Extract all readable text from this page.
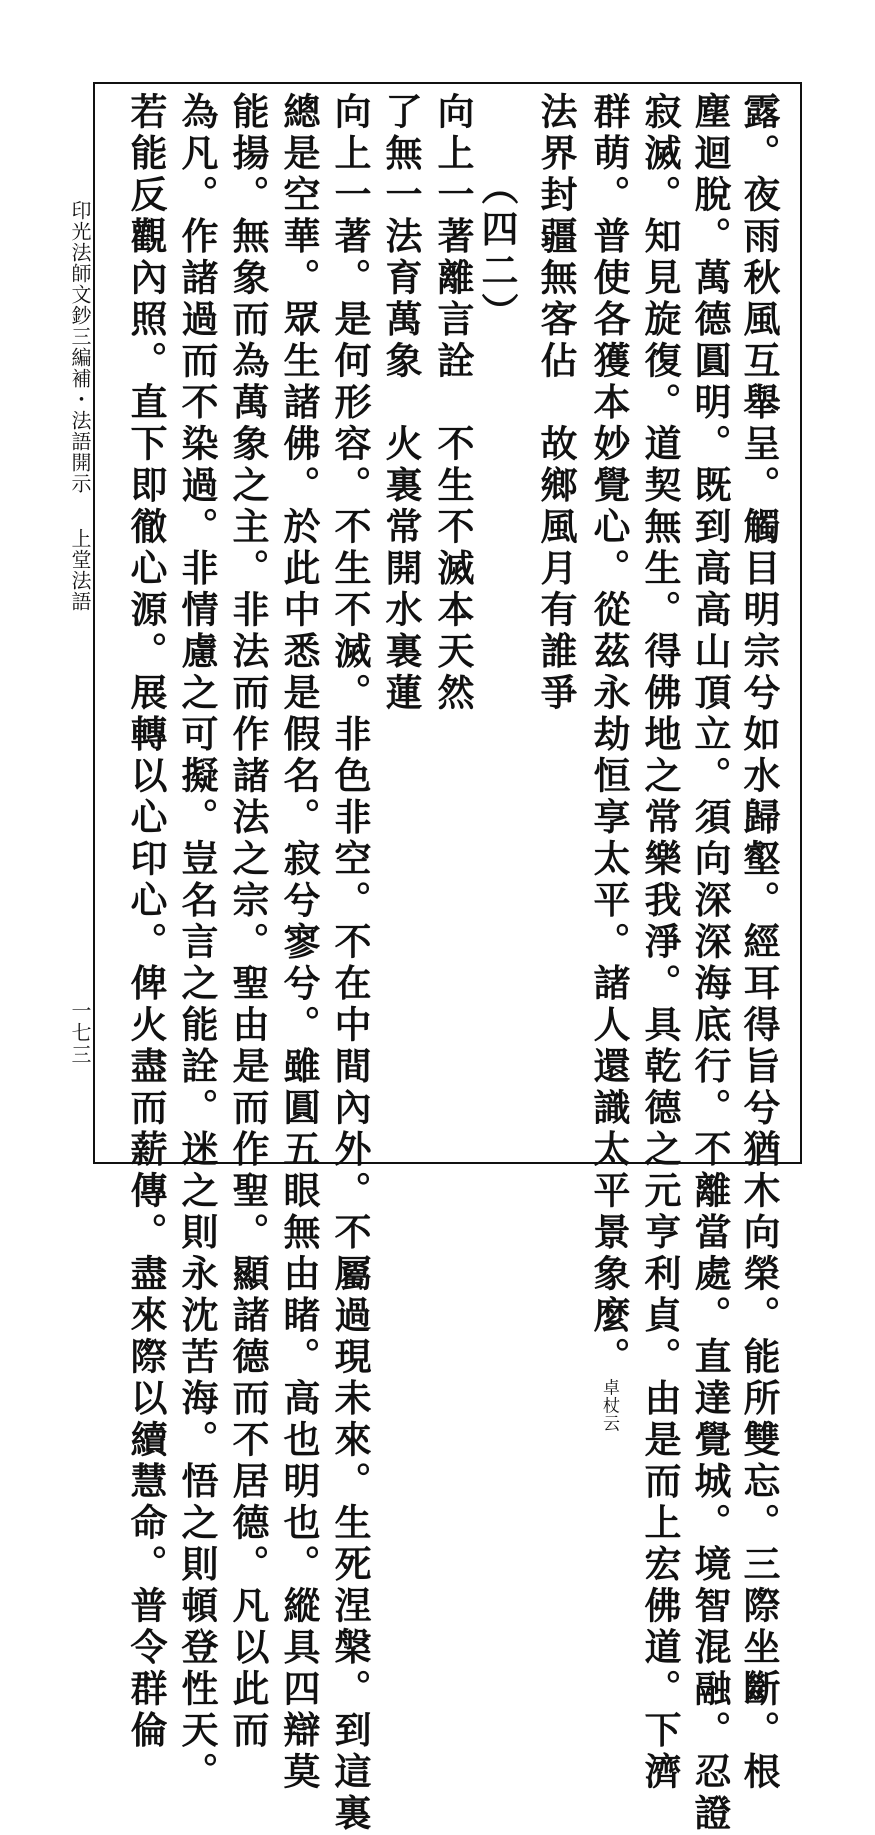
印光法師文鈔三編補・法語開示上堂法語
一七三	露。夜雨秋風互舉呈。觸目明宗兮如水歸壑。經耳得旨兮猶木向榮。能所雙忘。三際坐斷。根
塵迴脫。萬德圓明。既到高高山頂立。須向深深海底行。不離當處。直達覺城。境智混融。忍證
寂滅。知見旋復。道契無生。得佛地之常樂我淨。具乾德之元亨利貞。由是而上宏佛道。下濟
群萌。普使各獲本妙覺心。從茲永劫恒享太平。諸人還識太平景象麼。卓杖云
法界封疆無客佔　故鄉風月有誰爭
（四二）
向上一著離言詮　不生不滅本天然
了無一法育萬象　火裏常開水裏蓮
向上一著。是何形容。不生不滅。非色非空。不在中間內外。不屬過現未來。生死涅槃。到這裏
總是空華。眾生諸佛。於此中悉是假名。寂兮寥兮。雖圓五眼無由睹。高也明也。縱具四辯莫
能揚。無象而為萬象之主。非法而作諸法之宗。聖由是而作聖。顯諸德而不居德。凡以此而
為凡。作諸過而不染過。非情慮之可擬。豈名言之能詮。迷之則永沈苦海。悟之則頓登性天。
若能反觀內照。直下即徹心源。展轉以心印心。俾火盡而薪傳。盡來際以續慧命。普令群倫
